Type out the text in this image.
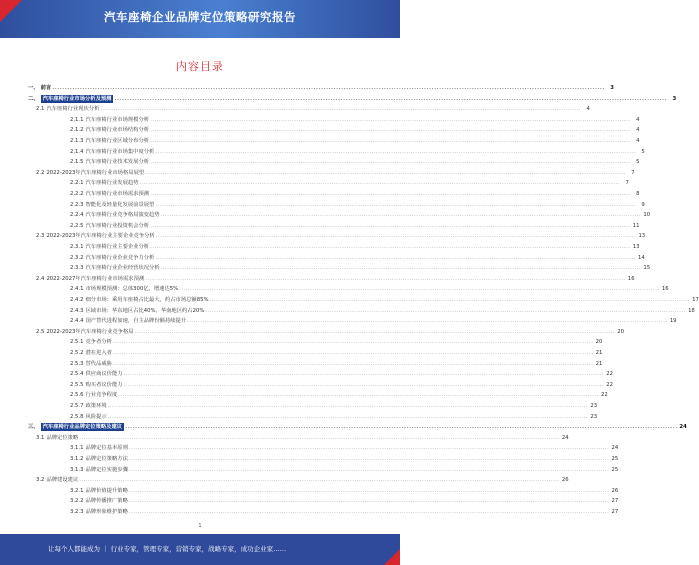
汽车座椅企业品牌定位策略研究报告
内容目录
一、 前言 ............................................................................................................................................................................................................................	3
二、 汽车座椅行业市场分析及预测 ............................................................................................................................................................................................................................	3
2.1 汽车座椅行业现状分析 ............................................................................................................................................................................................................................	4
2.1.1 汽车座椅行业市场规模分析 ............................................................................................................................................................................................................................	4
2.1.2 汽车座椅行业市场结构分析 ............................................................................................................................................................................................................................	4
2.1.3 汽车座椅行业区域分布分析 ............................................................................................................................................................................................................................	4
2.1.4 汽车座椅行业市场集中度分析 ............................................................................................................................................................................................................................	5
2.1.5 汽车座椅行业技术发展分析 ............................................................................................................................................................................................................................	5
2.2 2022-2023年汽车座椅行业市场格局展望 ............................................................................................................................................................................................................................	7
2.2.1 汽车座椅行业发展趋势 ............................................................................................................................................................................................................................	7
2.2.2 汽车座椅行业市场需求预测 ............................................................................................................................................................................................................................	8
2.2.3 智能化及轻量化发展前景展望 ............................................................................................................................................................................................................................	9
2.2.4 汽车座椅行业竞争格局演变趋势 ............................................................................................................................................................................................................................ 10
2.2.5 汽车座椅行业投资机会分析 ............................................................................................................................................................................................................................ 11
2.3 2022-2023年汽车座椅行业主要企业竞争分析 ............................................................................................................................................................................................................................ 13
2.3.1 汽车座椅行业主要企业分析 ............................................................................................................................................................................................................................ 13
2.3.2 汽车座椅行业企业竞争力分析 ............................................................................................................................................................................................................................ 14
2.3.3 汽车座椅行业企业经营状况分析 ............................................................................................................................................................................................................................ 15
2.4 2022-2027年汽车座椅行业市场需求预测 ............................................................................................................................................................................................................................ 16
2.4.1 市场规模预测：总体300亿，增速达5% ............................................................................................................................................................................................................................ 16
2.4.2 细分市场：乘用车座椅占比最大，约占市场总额85% ............................................................................................................................................................................................................................ 17
2.4.3 区域市场：华东地区占比40%，华南地区约占20% ............................................................................................................................................................................................................................ 18
2.4.4 国产替代进程加速，自主品牌份额持续提升 ............................................................................................................................................................................................................................ 19
2.5 2022-2023年汽车座椅行业竞争格局 ............................................................................................................................................................................................................................ 20
2.5.1 竞争者分析 ............................................................................................................................................................................................................................ 20
2.5.2 潜在进入者 ............................................................................................................................................................................................................................ 21
2.5.3 替代品威胁 ............................................................................................................................................................................................................................ 21
2.5.4 供应商议价能力 ............................................................................................................................................................................................................................ 22
2.5.5 购买者议价能力 ............................................................................................................................................................................................................................ 22
2.5.6 行业竞争程度 ............................................................................................................................................................................................................................ 22
2.5.7 政策环境 ............................................................................................................................................................................................................................ 23
2.5.8 风险提示 ............................................................................................................................................................................................................................ 23
三、 汽车座椅行业品牌定位策略及建议 ............................................................................................................................................................................................................................ 24
3.1 品牌定位策略 ............................................................................................................................................................................................................................ 24
3.1.1 品牌定位基本原则 ............................................................................................................................................................................................................................ 24
3.1.2 品牌定位策略方法 ............................................................................................................................................................................................................................ 25
3.1.3 品牌定位实施步骤 ............................................................................................................................................................................................................................ 25
3.2 品牌建设建议 ............................................................................................................................................................................................................................ 26
3.2.1 品牌价值提升策略 ............................................................................................................................................................................................................................ 26
3.2.2 品牌传播推广策略 ............................................................................................................................................................................................................................ 27
3.2.3 品牌形象维护策略 ............................................................................................................................................................................................................................ 27
1
让每个人都能成为 ｜ 行业专家，管理专家，营销专家，战略专家，成功企业家……
